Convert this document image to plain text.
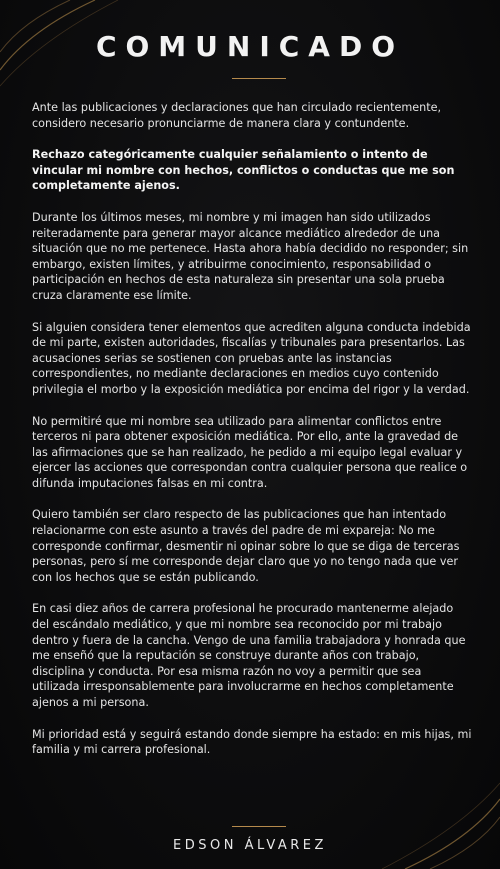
COMUNICADO

Ante las publicaciones y declaraciones que han circulado recientemente, considero necesario pronunciarme de manera clara y contundente.

Rechazo categóricamente cualquier señalamiento o intento de vincular mi nombre con hechos, conflictos o conductas que me son completamente ajenos.

Durante los últimos meses, mi nombre y mi imagen han sido utilizados reiteradamente para generar mayor alcance mediático alrededor de una situación que no me pertenece. Hasta ahora había decidido no responder; sin embargo, existen límites, y atribuirme conocimiento, responsabilidad o participación en hechos de esta naturaleza sin presentar una sola prueba cruza claramente ese límite.

Si alguien considera tener elementos que acrediten alguna conducta indebida de mi parte, existen autoridades, fiscalías y tribunales para presentarlos. Las acusaciones serias se sostienen con pruebas ante las instancias correspondientes, no mediante declaraciones en medios cuyo contenido privilegia el morbo y la exposición mediática por encima del rigor y la verdad.

No permitiré que mi nombre sea utilizado para alimentar conflictos entre terceros ni para obtener exposición mediática. Por ello, ante la gravedad de las afirmaciones que se han realizado, he pedido a mi equipo legal evaluar y ejercer las acciones que correspondan contra cualquier persona que realice o difunda imputaciones falsas en mi contra.

Quiero también ser claro respecto de las publicaciones que han intentado relacionarme con este asunto a través del padre de mi expareja: No me corresponde confirmar, desmentir ni opinar sobre lo que se diga de terceras personas, pero sí me corresponde dejar claro que yo no tengo nada que ver con los hechos que se están publicando.

En casi diez años de carrera profesional he procurado mantenerme alejado del escándalo mediático, y que mi nombre sea reconocido por mi trabajo dentro y fuera de la cancha. Vengo de una familia trabajadora y honrada que me enseñó que la reputación se construye durante años con trabajo, disciplina y conducta. Por esa misma razón no voy a permitir que sea utilizada irresponsablemente para involucrarme en hechos completamente ajenos a mi persona.

Mi prioridad está y seguirá estando donde siempre ha estado: en mis hijas, mi familia y mi carrera profesional.

EDSON ÁLVAREZ
